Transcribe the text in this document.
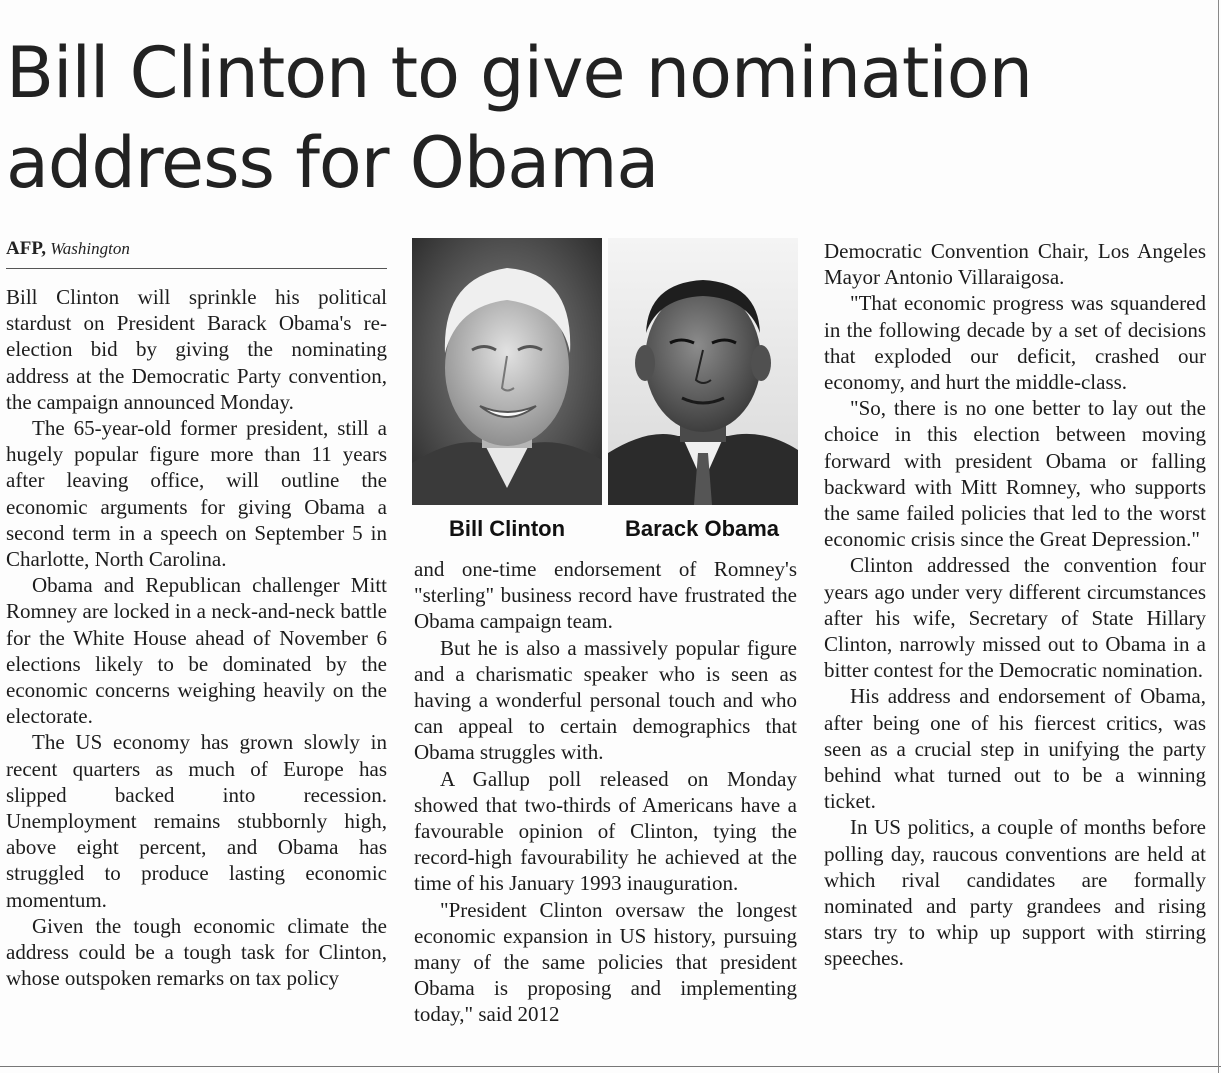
Bill Clinton to give nomination
address for Obama
AFP, Washington

Bill Clinton will sprinkle his political stardust on President Barack Obama's re-election bid by giving the nominating address at the Democratic Party convention, the campaign announced Monday.

The 65-year-old former president, still a hugely popular figure more than 11 years after leaving office, will outline the economic arguments for giving Obama a second term in a speech on September 5 in Charlotte, North Carolina.

Obama and Republican challenger Mitt Romney are locked in a neck-and-neck battle for the White House ahead of November 6 elections likely to be dominated by the economic concerns weighing heavily on the electorate.

The US economy has grown slowly in recent quarters as much of Europe has slipped backed into recession. Unemployment remains stubbornly high, above eight percent, and Obama has struggled to produce lasting economic momentum.

Given the tough economic climate the address could be a tough task for Clinton, whose outspoken remarks on tax policy

Bill Clinton	Barack Obama

and one-time endorsement of Romney's "sterling" business record have frustrated the Obama campaign team.

But he is also a massively popular figure and a charismatic speaker who is seen as having a wonderful personal touch and who can appeal to certain demographics that Obama struggles with.

A Gallup poll released on Monday showed that two-thirds of Americans have a favourable opinion of Clinton, tying the record-high favourability he achieved at the time of his January 1993 inauguration.

"President Clinton oversaw the longest economic expansion in US history, pursuing many of the same policies that president Obama is proposing and implementing today," said 2012

Democratic Convention Chair, Los Angeles Mayor Antonio Villaraigosa.

"That economic progress was squandered in the following decade by a set of decisions that exploded our deficit, crashed our economy, and hurt the middle-class.

"So, there is no one better to lay out the choice in this election between moving forward with president Obama or falling backward with Mitt Romney, who supports the same failed policies that led to the worst economic crisis since the Great Depression."

Clinton addressed the convention four years ago under very different circumstances after his wife, Secretary of State Hillary Clinton, narrowly missed out to Obama in a bitter contest for the Democratic nomination.

His address and endorsement of Obama, after being one of his fiercest critics, was seen as a crucial step in unifying the party behind what turned out to be a winning ticket.

In US politics, a couple of months before polling day, raucous conventions are held at which rival candidates are formally nominated and party grandees and rising stars try to whip up support with stirring speeches.
